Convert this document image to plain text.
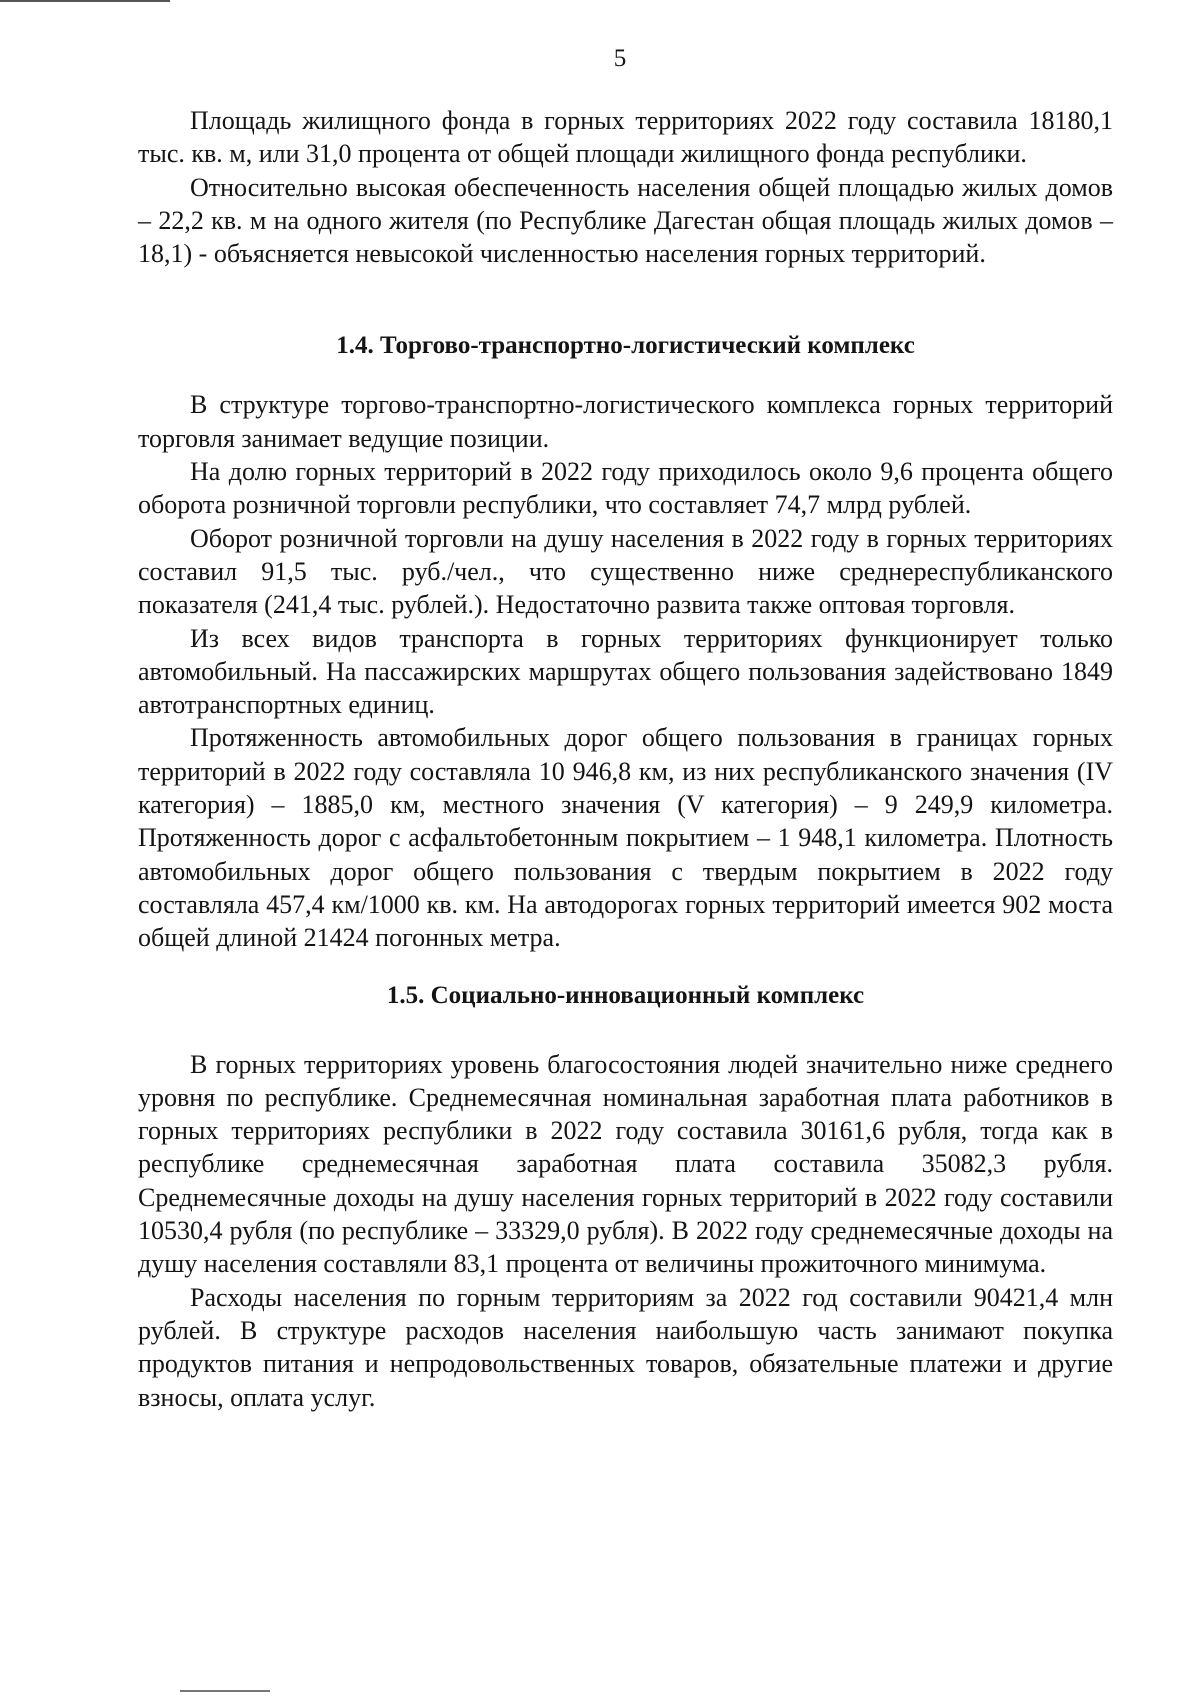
5

Площадь жилищного фонда в горных территориях 2022 году составила 18180,1 тыс. кв. м, или 31,0 процента от общей площади жилищного фонда республики.

Относительно высокая обеспеченность населения общей площадью жилых домов – 22,2 кв. м на одного жителя (по Республике Дагестан общая площадь жилых домов – 18,1) - объясняется невысокой численностью населения горных территорий.

1.4. Торгово-транспортно-логистический комплекс

В структуре торгово-транспортно-логистического комплекса горных территорий торговля занимает ведущие позиции.

На долю горных территорий в 2022 году приходилось около 9,6 процента общего оборота розничной торговли республики, что составляет 74,7 млрд рублей.

Оборот розничной торговли на душу населения в 2022 году в горных территориях составил 91,5 тыс. руб./чел., что существенно ниже среднереспубликанского показателя (241,4 тыс. рублей.). Недостаточно развита также оптовая торговля.

Из всех видов транспорта в горных территориях функционирует только автомобильный. На пассажирских маршрутах общего пользования задействовано 1849 автотранспортных единиц.

Протяженность автомобильных дорог общего пользования в границах горных территорий в 2022 году составляла 10 946,8 км, из них республиканского значения (IV категория) – 1885,0 км, местного значения (V категория) – 9 249,9 километра. Протяженность дорог с асфальтобетонным покрытием – 1 948,1 километра. Плотность автомобильных дорог общего пользования с твердым покрытием в 2022 году составляла 457,4 км/1000 кв. км. На автодорогах горных территорий имеется 902 моста общей длиной 21424 погонных метра.

1.5. Социально-инновационный комплекс

В горных территориях уровень благосостояния людей значительно ниже среднего уровня по республике. Среднемесячная номинальная заработная плата работников в горных территориях республики в 2022 году составила 30161,6 рубля, тогда как в республике среднемесячная заработная плата составила 35082,3 рубля. Среднемесячные доходы на душу населения горных территорий в 2022 году составили 10530,4 рубля (по республике – 33329,0 рубля). В 2022 году среднемесячные доходы на душу населения составляли 83,1 процента от величины прожиточного минимума.

Расходы населения по горным территориям за 2022 год составили 90421,4 млн рублей. В структуре расходов населения наибольшую часть занимают покупка продуктов питания и непродовольственных товаров, обязательные платежи и другие взносы, оплата услуг.
